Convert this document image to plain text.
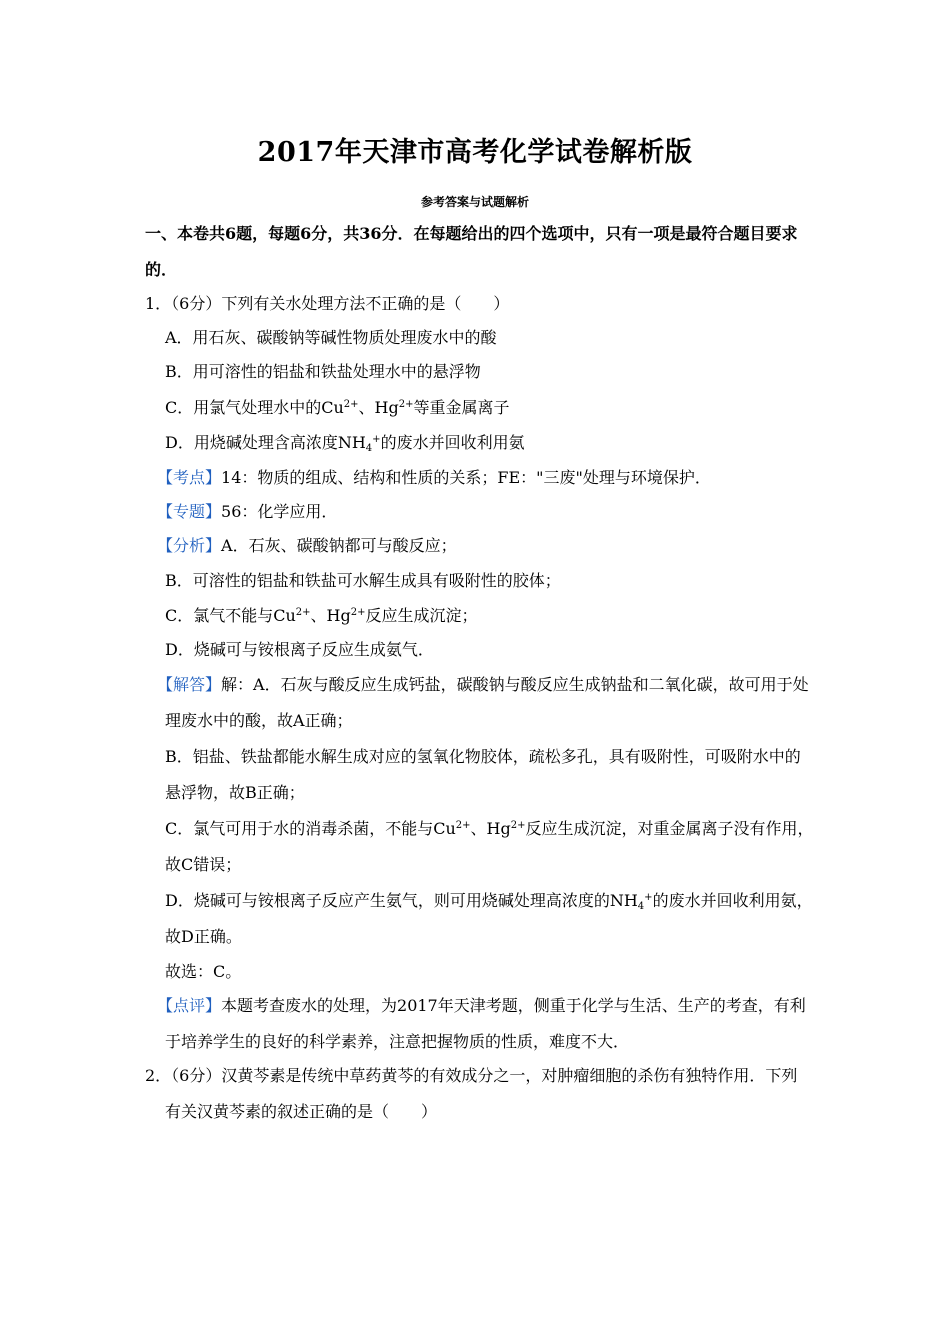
2017年天津市高考化学试卷解析版
参考答案与试题解析
一、本卷共6题，每题6分，共36分．在每题给出的四个选项中，只有一项是最符合题目要求
的．
1．（6分）下列有关水处理方法不正确的是（　　）
A．用石灰、碳酸钠等碱性物质处理废水中的酸
B．用可溶性的铝盐和铁盐处理水中的悬浮物
C．用氯气处理水中的$Cu^{2+}$、$Hg^{2+}$等重金属离子
D．用烧碱处理含高浓度$NH_4^+$的废水并回收利用氨
【考点】14：物质的组成、结构和性质的关系；FE："三废"处理与环境保护．
【专题】56：化学应用．
【分析】A．石灰、碳酸钠都可与酸反应；
B．可溶性的铝盐和铁盐可水解生成具有吸附性的胶体；
C．氯气不能与$Cu^{2+}$、$Hg^{2+}$反应生成沉淀；
D．烧碱可与铵根离子反应生成氨气．
【解答】解：A．石灰与酸反应生成钙盐，碳酸钠与酸反应生成钠盐和二氧化碳，故可用于处
理废水中的酸，故A正确；
B．铝盐、铁盐都能水解生成对应的氢氧化物胶体，疏松多孔，具有吸附性，可吸附水中的
悬浮物，故B正确；
C．氯气可用于水的消毒杀菌，不能与$Cu^{2+}$、$Hg^{2+}$反应生成沉淀，对重金属离子没有作用，
故C错误；
D．烧碱可与铵根离子反应产生氨气，则可用烧碱处理高浓度的$NH_4^+$的废水并回收利用氨，
故D正确。
故选：C。
【点评】本题考查废水的处理，为2017年天津考题，侧重于化学与生活、生产的考查，有利
于培养学生的良好的科学素养，注意把握物质的性质，难度不大．
2．（6分）汉黄芩素是传统中草药黄芩的有效成分之一，对肿瘤细胞的杀伤有独特作用．下列
有关汉黄芩素的叙述正确的是（　　）
